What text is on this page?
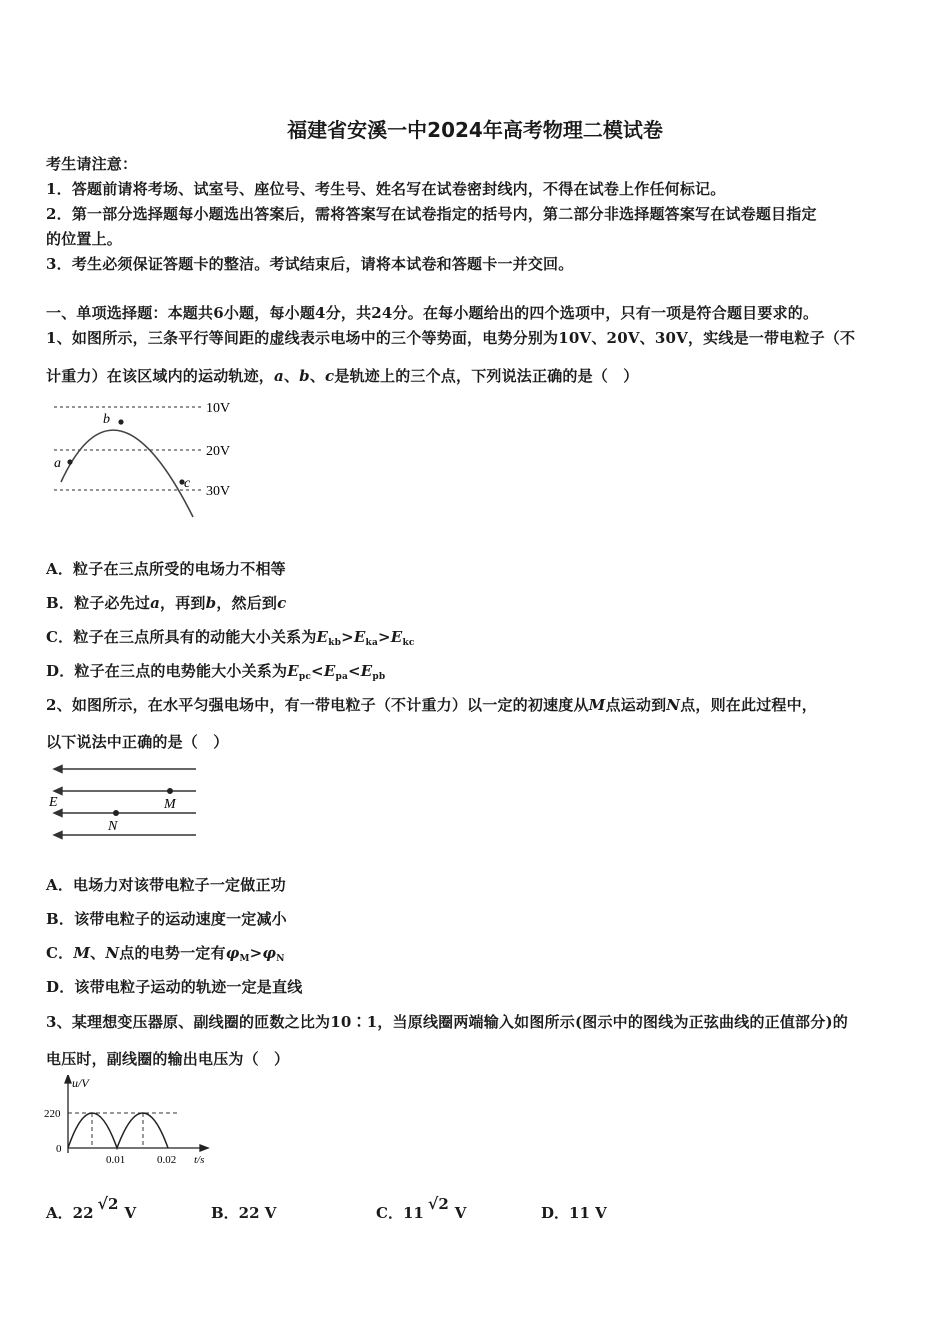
福建省安溪一中2024年高考物理二模试卷
考生请注意：
1．答题前请将考场、试室号、座位号、考生号、姓名写在试卷密封线内，不得在试卷上作任何标记。
2．第一部分选择题每小题选出答案后，需将答案写在试卷指定的括号内，第二部分非选择题答案写在试卷题目指定
的位置上。
3．考生必须保证答题卡的整洁。考试结束后，请将本试卷和答题卡一并交回。
一、单项选择题：本题共6小题，每小题4分，共24分。在每小题给出的四个选项中，只有一项是符合题目要求的。
1、如图所示，三条平行等间距的虚线表示电场中的三个等势面，电势分别为10V、20V、30V，实线是一带电粒子（不
计重力）在该区域内的运动轨迹，a、b、c是轨迹上的三个点，下列说法正确的是（　）
10V
20V
30V
a
b
c
A．粒子在三点所受的电场力不相等
B．粒子必先过a，再到b，然后到c
C．粒子在三点所具有的动能大小关系为$E_{kb}>E_{ka}>E_{kc}$
D．粒子在三点的电势能大小关系为$E_{pc}<E_{pa}<E_{pb}$
2、如图所示，在水平匀强电场中，有一带电粒子（不计重力）以一定的初速度从M点运动到N点，则在此过程中，
以下说法中正确的是（　）
E	M
N
A．电场力对该带电粒子一定做正功
B．该带电粒子的运动速度一定减小
C．M、N点的电势一定有$\varphi_M>\varphi_N$
D．该带电粒子运动的轨迹一定是直线
3、某理想变压器原、副线圈的匝数之比为10∶1，当原线圈两端输入如图所示(图示中的图线为正弦曲线的正值部分)的
电压时，副线圈的输出电压为（　）
u/V
220
0
0.01	0.02 t/s
A．22 √ 2 V	B．22 V	C．11 √ 2 V	D．11 V
